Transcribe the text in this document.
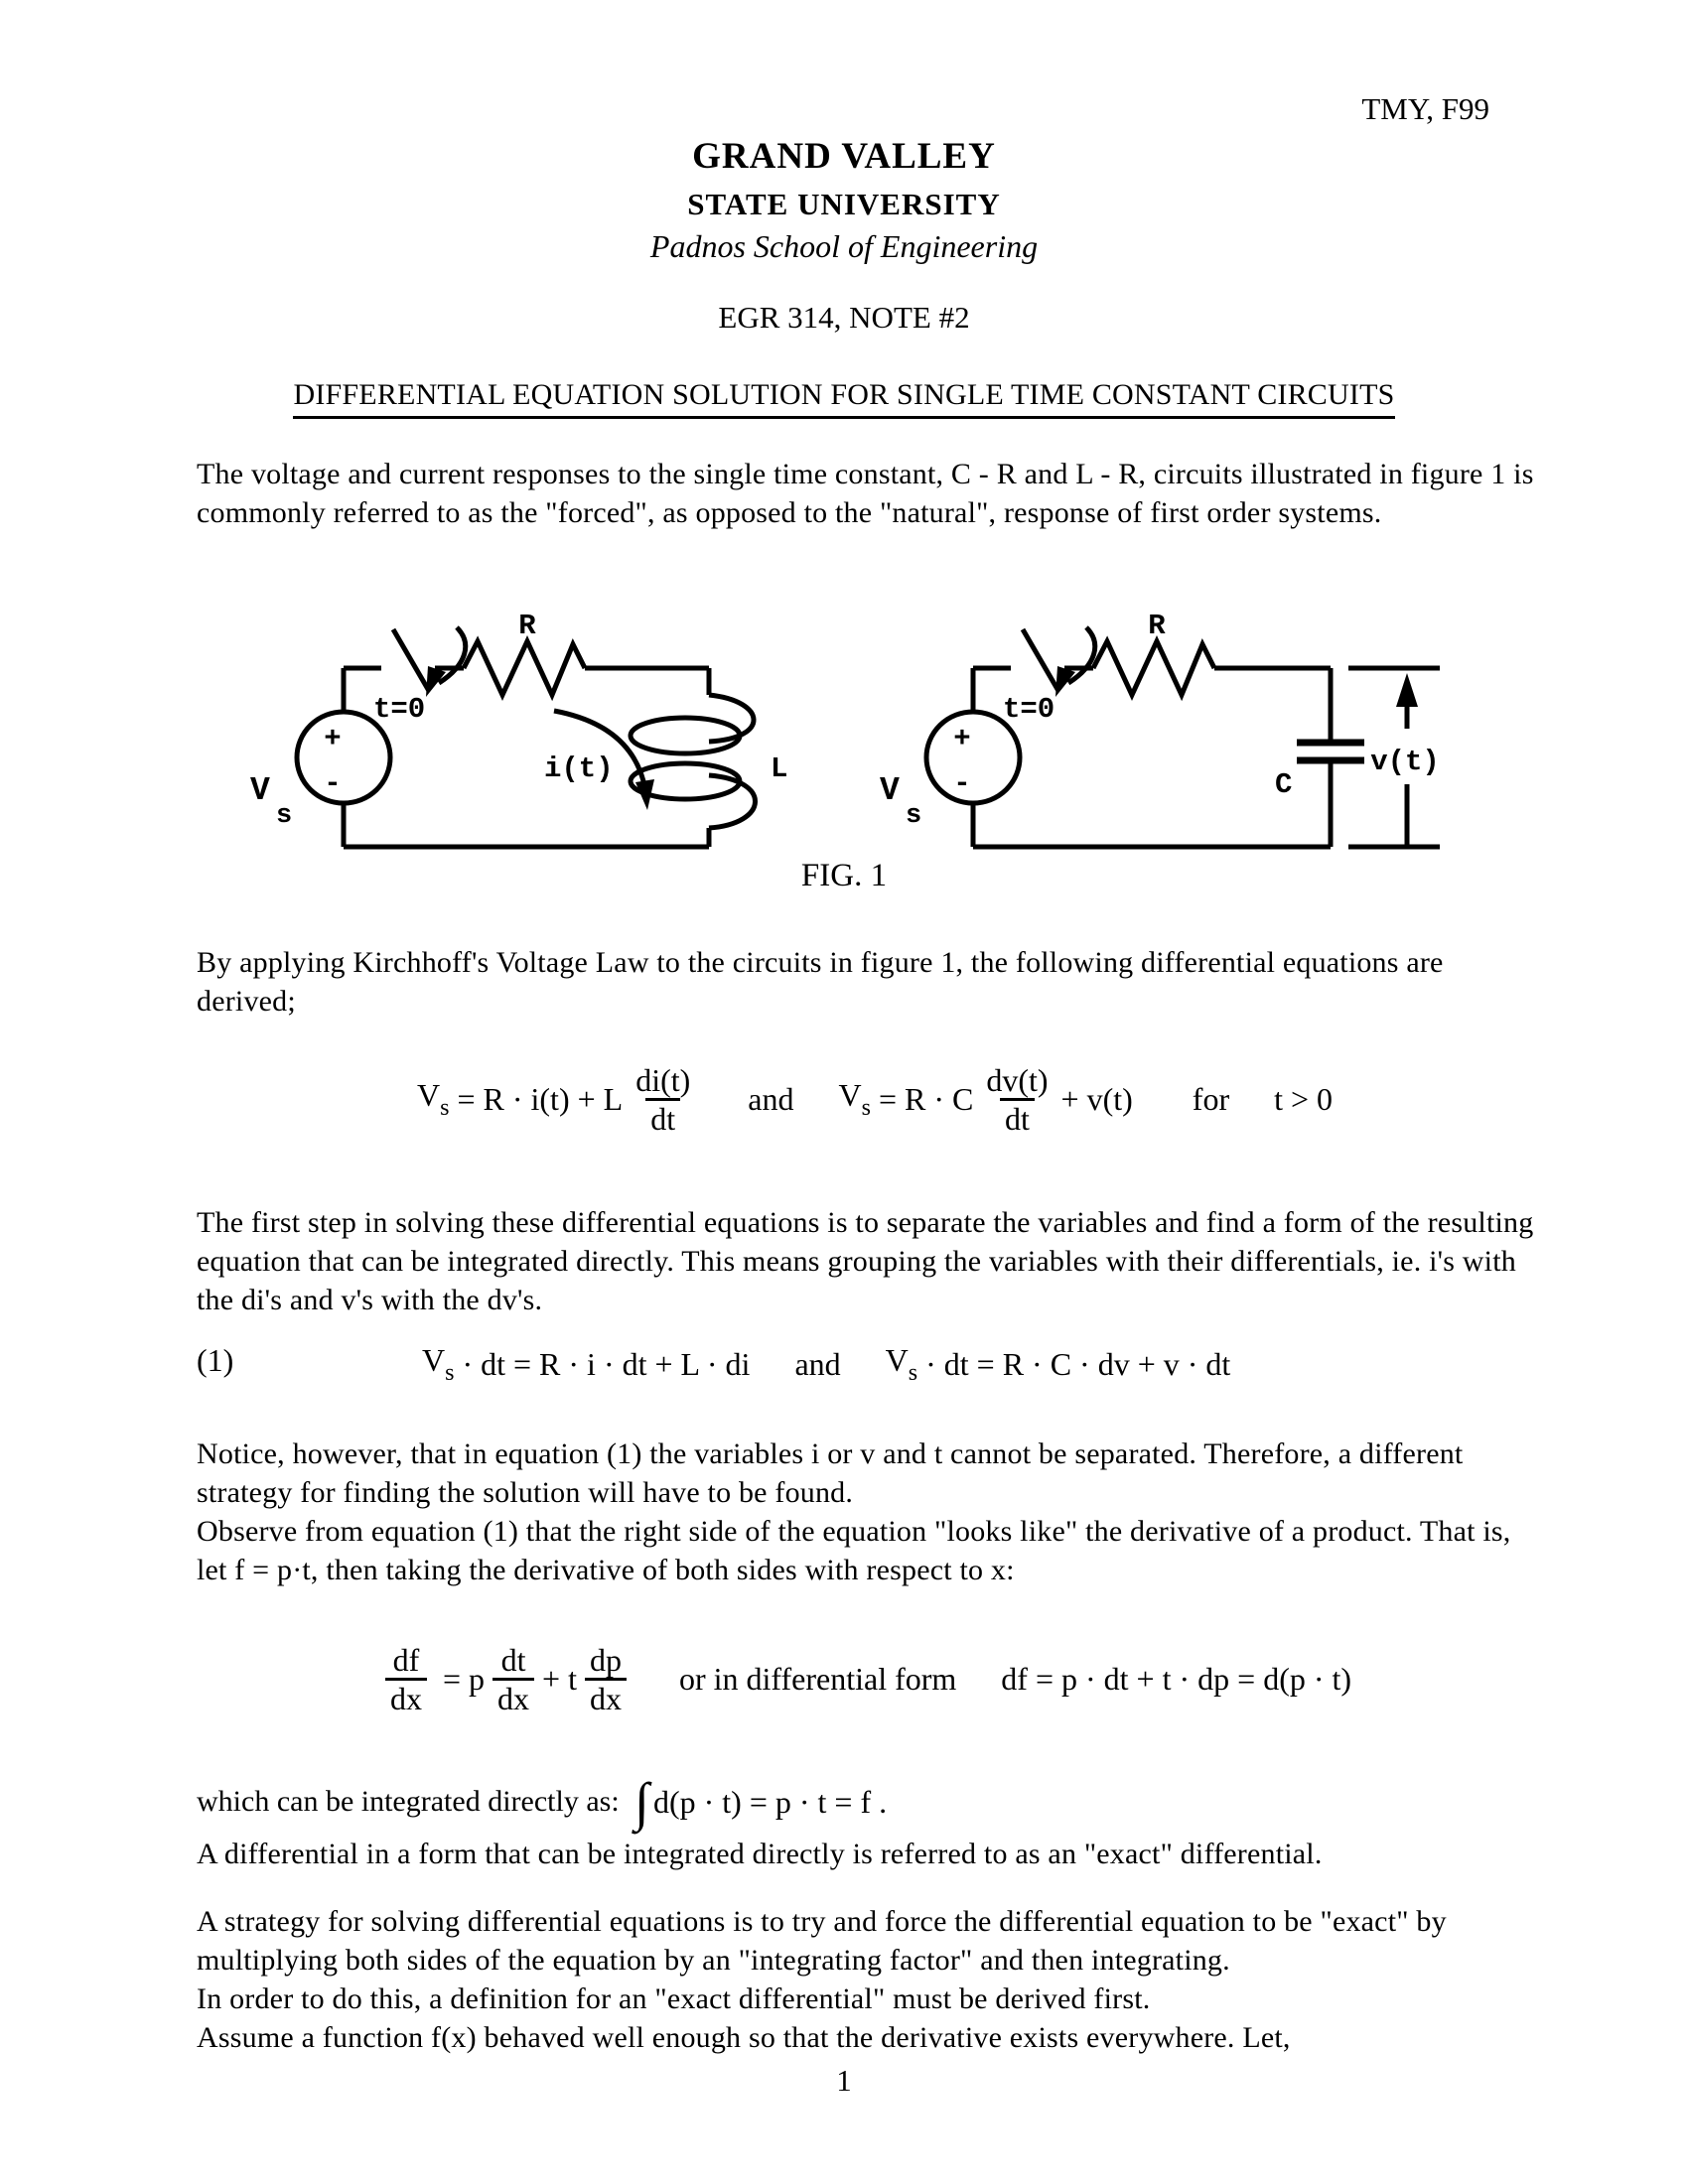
TMY, F99
GRAND VALLEY
STATE UNIVERSITY
Padnos School of Engineering
EGR 314, NOTE #2
DIFFERENTIAL EQUATION SOLUTION FOR SINGLE TIME CONSTANT CIRCUITS
The voltage and current responses to the single time constant, C - R and L - R, circuits illustrated in figure 1 is commonly referred to as the "forced", as opposed to the "natural", response of first order systems.
+
-
V
s
t=0
R
L
i(t)
+
-
V
s
t=0
R
C
v(t)
FIG. 1
By applying Kirchhoff's Voltage Law to the circuits in figure 1, the following differential equations are derived;
$V_s = R \cdot i(t) + L \frac{di(t)}{dt}$ and $V_s = R \cdot C \frac{dv(t)}{dt} + v(t)$ for t > 0
The first step in solving these differential equations is to separate the variables and find a form of the resulting equation that can be integrated directly. This means grouping the variables with their differentials, ie. i's with the di's and v's with the dv's.
(1)	$V_s$ · dt = R · i · dt + L · di and $V_s$ · dt = R · C · dv + v · dt
Notice, however, that in equation (1) the variables i or v and t cannot be separated. Therefore, a different strategy for finding the solution will have to be found.
Observe from equation (1) that the right side of the equation "looks like" the derivative of a product. That is, let f = p·t, then taking the derivative of both sides with respect to x:
$\frac{df}{dx} = p \frac{dt}{dx} + t \frac{dp}{dx}$ or in differential form df = p · dt + t · dp = d(p · t)
which can be integrated directly as: ∫ d(p · t) = p · t = f .
A differential in a form that can be integrated directly is referred to as an "exact" differential.
A strategy for solving differential equations is to try and force the differential equation to be "exact" by multiplying both sides of the equation by an "integrating factor" and then integrating.
In order to do this, a definition for an "exact differential" must be derived first.
Assume a function f(x) behaved well enough so that the derivative exists everywhere. Let,
1
